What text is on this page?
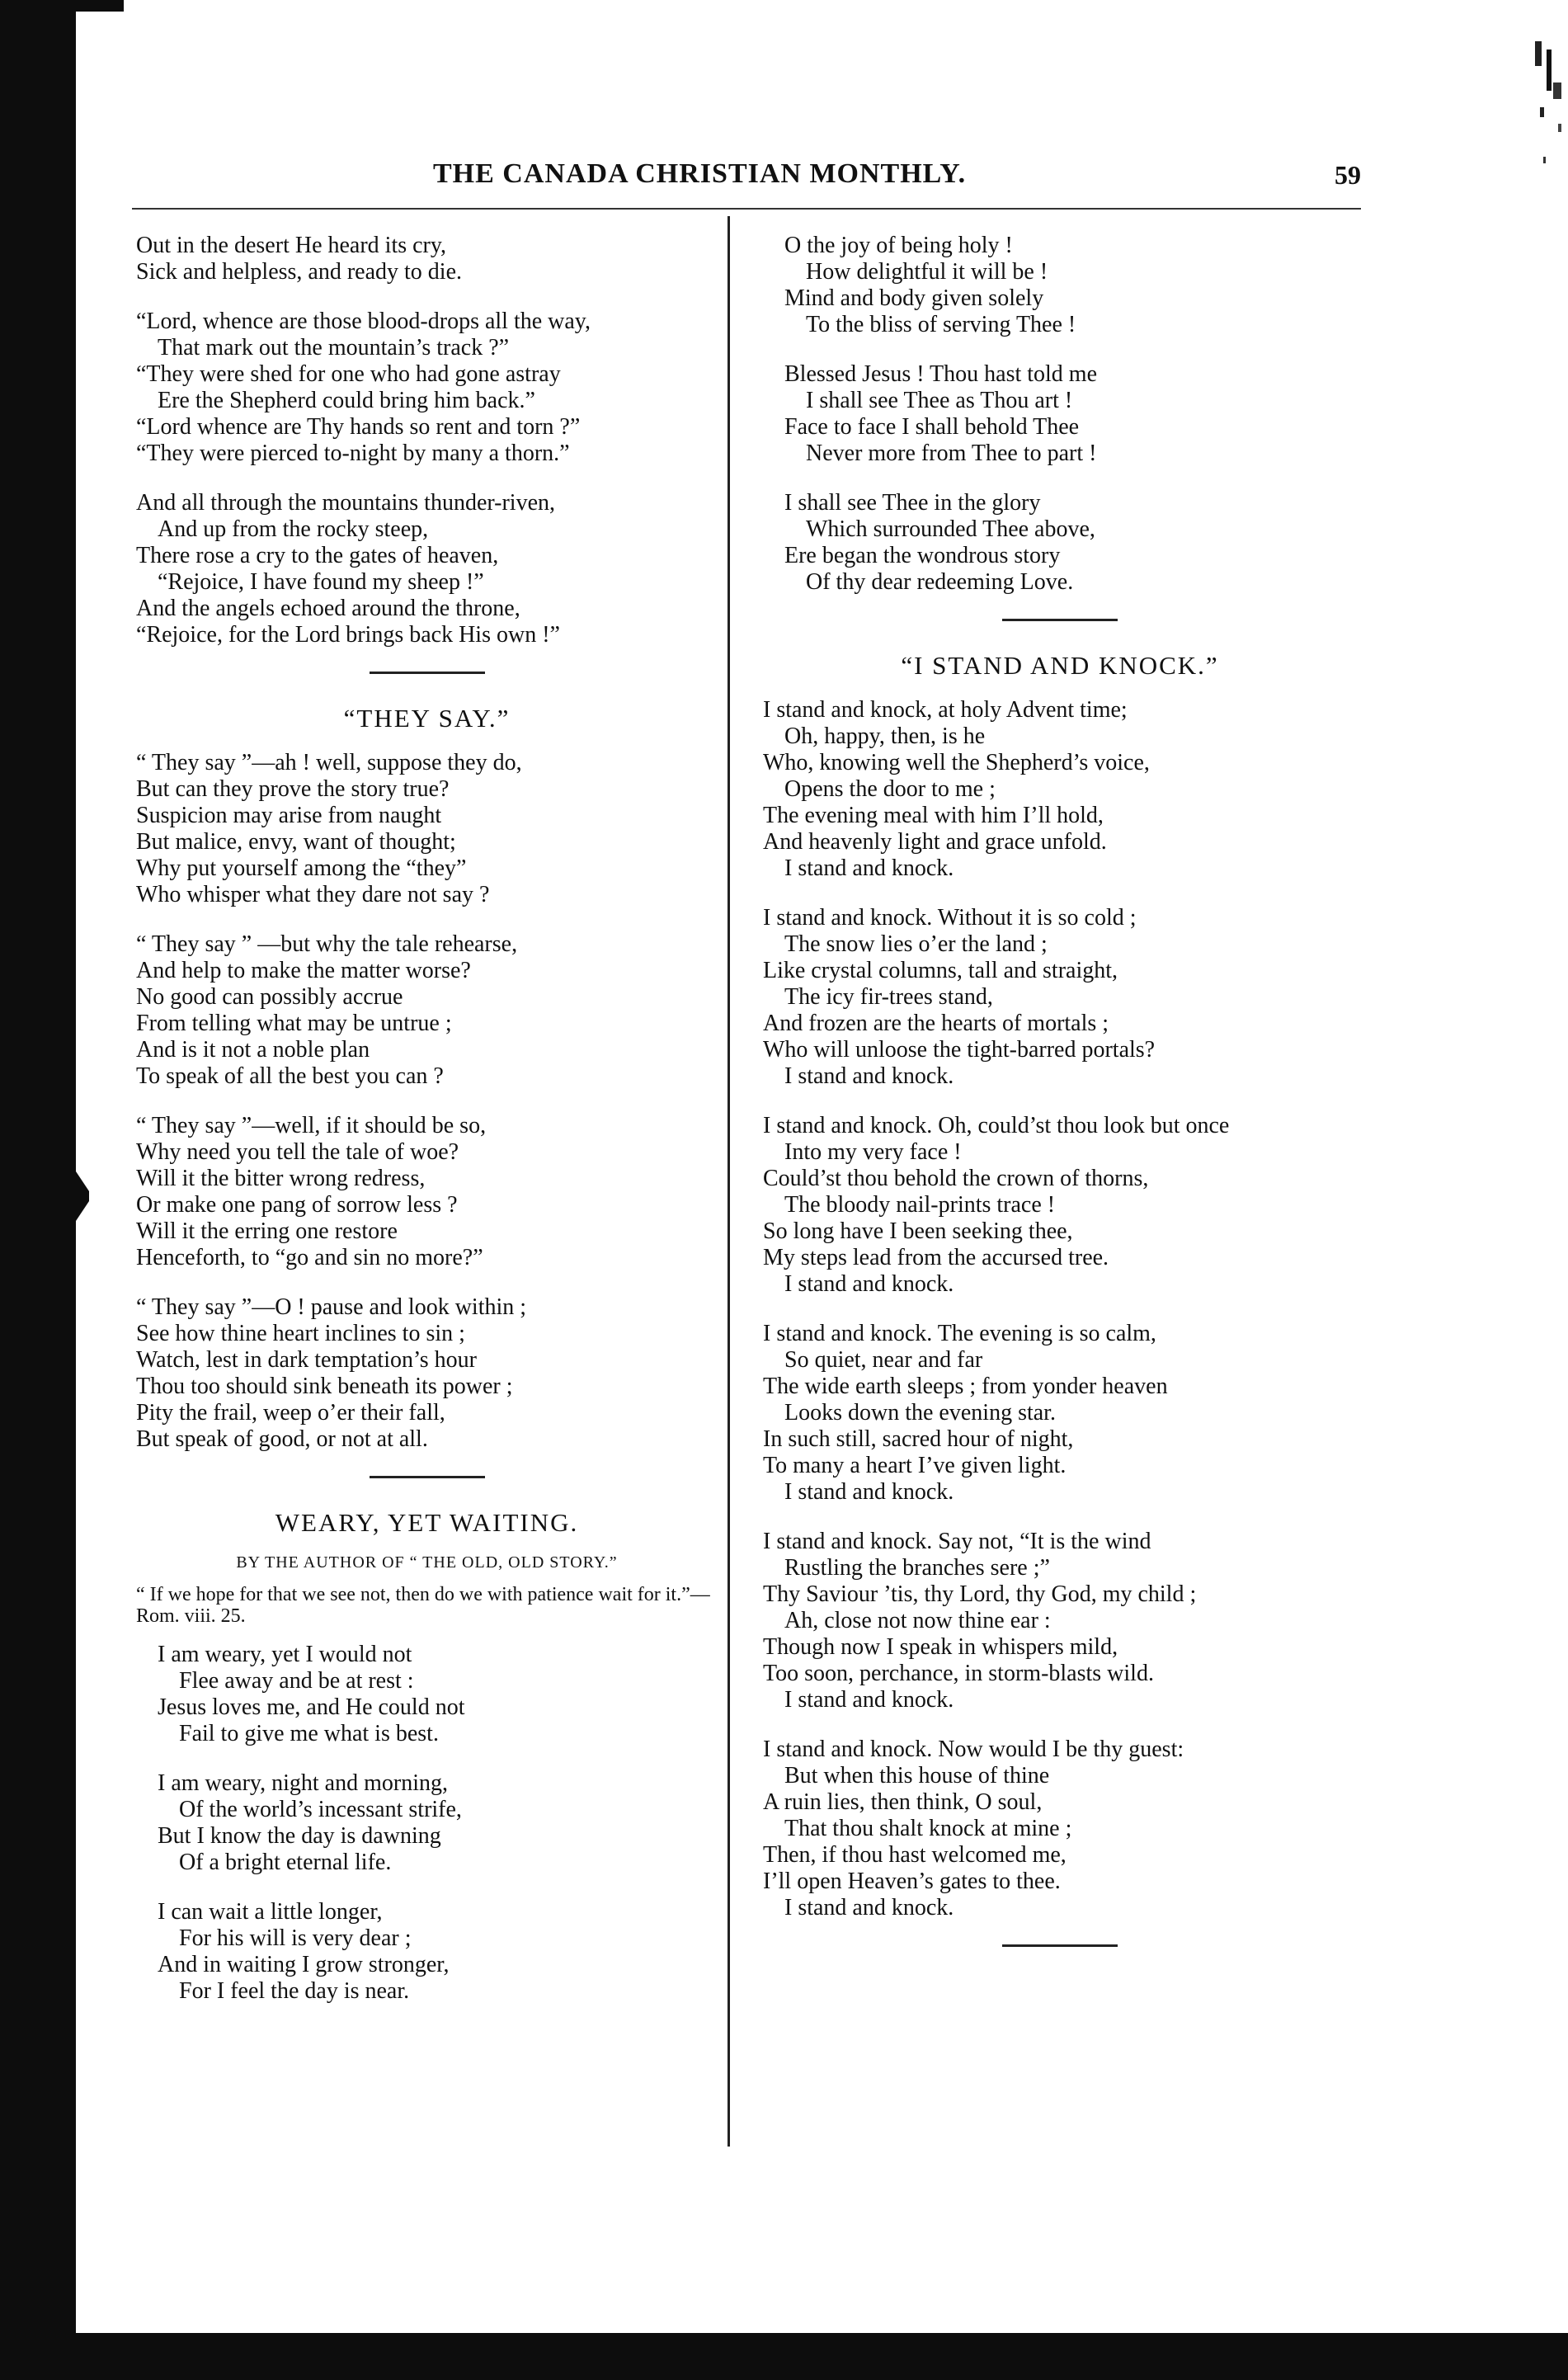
THE CANADA CHRISTIAN MONTHLY.	59
Out in the desert He heard its cry,
Sick and helpless, and ready to die.
“Lord, whence are those blood-drops all the way,
That mark out the mountain’s track ?”
“They were shed for one who had gone astray
Ere the Shepherd could bring him back.”
“Lord whence are Thy hands so rent and torn ?”
“They were pierced to-night by many a thorn.”
And all through the mountains thunder-riven,
And up from the rocky steep,
There rose a cry to the gates of heaven,
“Rejoice, I have found my sheep !”
And the angels echoed around the throne,
“Rejoice, for the Lord brings back His own !”
“THEY SAY.”
“ They say ”—ah ! well, suppose they do,
But can they prove the story true?
Suspicion may arise from naught
But malice, envy, want of thought;
Why put yourself among the “they”
Who whisper what they dare not say ?
“ They say ” —but why the tale rehearse,
And help to make the matter worse?
No good can possibly accrue
From telling what may be untrue ;
And is it not a noble plan
To speak of all the best you can ?
“ They say ”—well, if it should be so,
Why need you tell the tale of woe?
Will it the bitter wrong redress,
Or make one pang of sorrow less ?
Will it the erring one restore
Henceforth, to “go and sin no more?”
“ They say ”—O ! pause and look within ;
See how thine heart inclines to sin ;
Watch, lest in dark temptation’s hour
Thou too should sink beneath its power ;
Pity the frail, weep o’er their fall,
But speak of good, or not at all.
WEARY, YET WAITING.
BY THE AUTHOR OF “ THE OLD, OLD STORY.”
“ If we hope for that we see not, then do we with patience wait for it.”—Rom. viii. 25.
I am weary, yet I would not
Flee away and be at rest :
Jesus loves me, and He could not
Fail to give me what is best.
I am weary, night and morning,
Of the world’s incessant strife,
But I know the day is dawning
Of a bright eternal life.
I can wait a little longer,
For his will is very dear ;
And in waiting I grow stronger,
For I feel the day is near.
O the joy of being holy !
How delightful it will be !
Mind and body given solely
To the bliss of serving Thee !
Blessed Jesus ! Thou hast told me
I shall see Thee as Thou art !
Face to face I shall behold Thee
Never more from Thee to part !
I shall see Thee in the glory
Which surrounded Thee above,
Ere began the wondrous story
Of thy dear redeeming Love.
“I STAND AND KNOCK.”
I stand and knock, at holy Advent time;
Oh, happy, then, is he
Who, knowing well the Shepherd’s voice,
Opens the door to me ;
The evening meal with him I’ll hold,
And heavenly light and grace unfold.
I stand and knock.
I stand and knock. Without it is so cold ;
The snow lies o’er the land ;
Like crystal columns, tall and straight,
The icy fir-trees stand,
And frozen are the hearts of mortals ;
Who will unloose the tight-barred portals?
I stand and knock.
I stand and knock. Oh, could’st thou look but once
Into my very face !
Could’st thou behold the crown of thorns,
The bloody nail-prints trace !
So long have I been seeking thee,
My steps lead from the accursed tree.
I stand and knock.
I stand and knock. The evening is so calm,
So quiet, near and far
The wide earth sleeps ; from yonder heaven
Looks down the evening star.
In such still, sacred hour of night,
To many a heart I’ve given light.
I stand and knock.
I stand and knock. Say not, “It is the wind
Rustling the branches sere ;”
Thy Saviour ’tis, thy Lord, thy God, my child ;
Ah, close not now thine ear :
Though now I speak in whispers mild,
Too soon, perchance, in storm-blasts wild.
I stand and knock.
I stand and knock. Now would I be thy guest:
But when this house of thine
A ruin lies, then think, O soul,
That thou shalt knock at mine ;
Then, if thou hast welcomed me,
I’ll open Heaven’s gates to thee.
I stand and knock.
